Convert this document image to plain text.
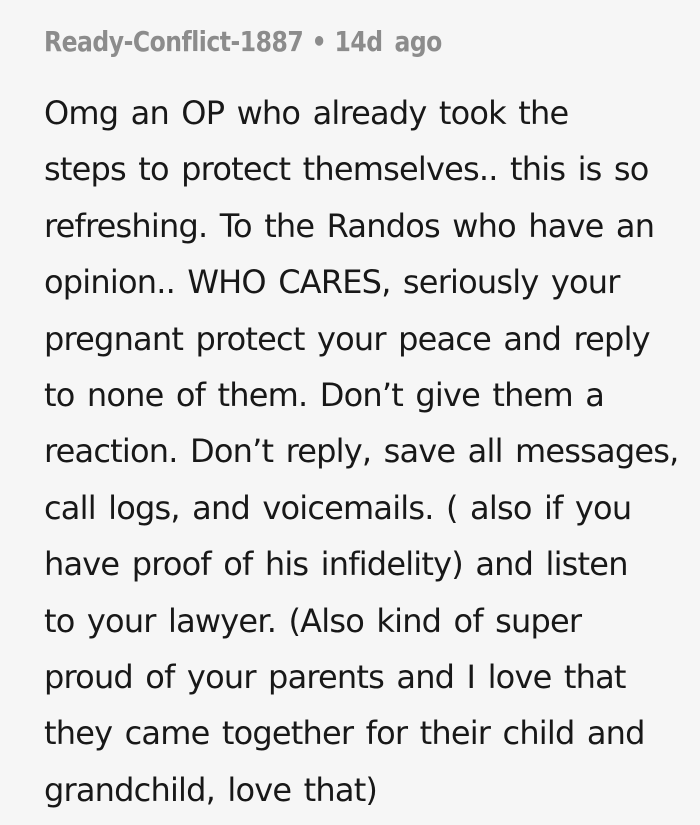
Ready-Conflict-1887 • 14d ago
Omg an OP who already took the
steps to protect themselves.. this is so
refreshing. To the Randos who have an
opinion.. WHO CARES, seriously your
pregnant protect your peace and reply
to none of them. Don’t give them a
reaction. Don’t reply, save all messages,
call logs, and voicemails. ( also if you
have proof of his infidelity) and listen
to your lawyer. (Also kind of super
proud of your parents and I love that
they came together for their child and
grandchild, love that)
